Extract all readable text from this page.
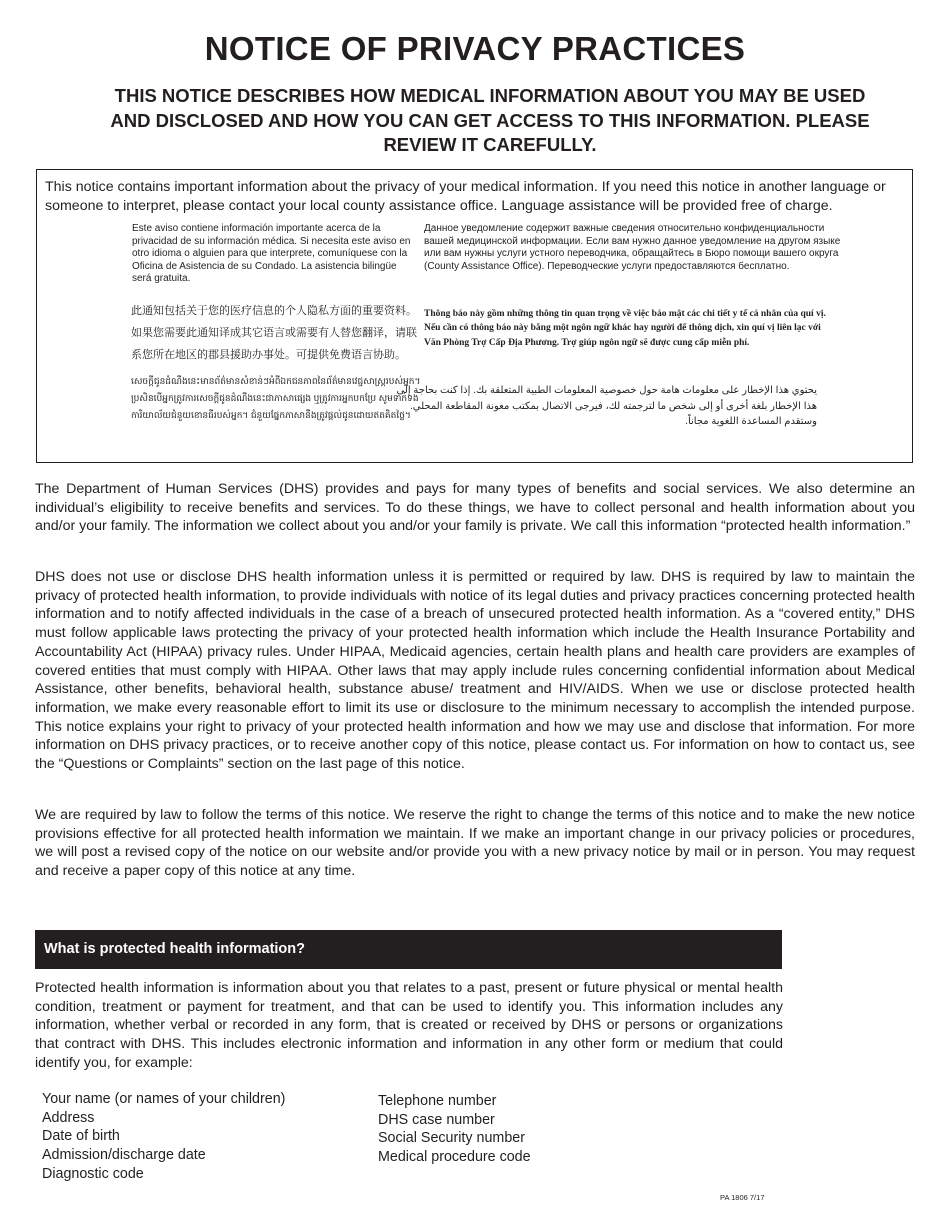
NOTICE OF PRIVACY PRACTICES
THIS NOTICE DESCRIBES HOW MEDICAL INFORMATION ABOUT YOU MAY BE USED AND DISCLOSED AND HOW YOU CAN GET ACCESS TO THIS INFORMATION. PLEASE REVIEW IT CAREFULLY.

This notice contains important information about the privacy of your medical information. If you need this notice in another language or someone to interpret, please contact your local county assistance office. Language assistance will be provided free of charge.

Este aviso contiene información importante acerca de la privacidad de su información médica. Si necesita este aviso en otro idioma o alguien para que interprete, comuníquese con la Oficina de Asistencia de su Condado. La asistencia bilingüe será gratuita.

Данное уведомление содержит важные сведения относительно конфиденциальности вашей медицинской информации. Если вам нужно данное уведомление на другом языке или вам нужны услуги устного переводчика, обращайтесь в Бюро помощи вашего округа (County Assistance Office). Переводческие услуги предоставляются бесплатно.

此通知包括关于您的医疗信息的个人隐私方面的重要资料。如果您需要此通知译成其它语言或需要有人替您翻译，请联系您所在地区的郡县援助办事处。可提供免费语言协助。

Thông báo này gồm những thông tin quan trọng về việc bảo mật các chi tiết y tế cá nhân của quí vị. Nếu cần có thông báo này bằng một ngôn ngữ khác hay người để thông dịch, xin quí vị liên lạc với Văn Phòng Trợ Cấp Địa Phương. Trợ giúp ngôn ngữ sẽ được cung cấp miễn phí.

សេចក្តីជូនដំណឹងនេះមានព័ត៌មានសំខាន់ៗអំពីឯកជនភាពនៃព័ត៌មានវេជ្ជសាស្ត្ររបស់អ្នក។ ប្រសិនបើអ្នកត្រូវការសេចក្តីជូនដំណឹងនេះជាភាសាផ្សេង ឬត្រូវការអ្នកបកប្រែ សូមទាក់ទងការិយាល័យជំនួយខោនធីរបស់អ្នក។ ជំនួយផ្នែកភាសានឹងត្រូវផ្តល់ជូនដោយឥតគិតថ្លៃ។

يحتوي هذا الإخطار على معلومات هامة حول خصوصية المعلومات الطبية المتعلقة بك. إذا كنت بحاجة إلى هذا الإخطار بلغة أخرى أو إلى شخص ما لترجمته لك، فيرجى الاتصال بمكتب معونة المقاطعة المحلي. وستقدم المساعدة اللغوية مجاناً.

The Department of Human Services (DHS) provides and pays for many types of benefits and social services. We also determine an individual’s eligibility to receive benefits and services. To do these things, we have to collect personal and health information about you and/or your family. The information we collect about you and/or your family is private. We call this information “protected health information.”

DHS does not use or disclose DHS health information unless it is permitted or required by law. DHS is required by law to maintain the privacy of protected health information, to provide individuals with notice of its legal duties and privacy practices concerning protected health information and to notify affected individuals in the case of a breach of unsecured protected health information. As a “covered entity,” DHS must follow applicable laws protecting the privacy of your protected health information which include the Health Insurance Portability and Accountability Act (HIPAA) privacy rules. Under HIPAA, Medicaid agencies, certain health plans and health care providers are examples of covered entities that must comply with HIPAA. Other laws that may apply include rules concerning confidential information about Medical Assistance, other benefits, behavioral health, substance abuse/ treatment and HIV/AIDS. When we use or disclose protected health information, we make every reasonable effort to limit its use or disclosure to the minimum necessary to accomplish the intended purpose. This notice explains your right to privacy of your protected health information and how we may use and disclose that information. For more information on DHS privacy practices, or to receive another copy of this notice, please contact us. For information on how to contact us, see the “Questions or Complaints” section on the last page of this notice.

We are required by law to follow the terms of this notice. We reserve the right to change the terms of this notice and to make the new notice provisions effective for all protected health information we maintain. If we make an important change in our privacy policies or procedures, we will post a revised copy of the notice on our website and/or provide you with a new privacy notice by mail or in person. You may request and receive a paper copy of this notice at any time.

What is protected health information?

Protected health information is information about you that relates to a past, present or future physical or mental health condition, treatment or payment for treatment, and that can be used to identify you. This information includes any information, whether verbal or recorded in any form, that is created or received by DHS or persons or organizations that contract with DHS. This includes electronic information and information in any other form or medium that could identify you, for example:

Your name (or names of your children)
Address
Date of birth
Admission/discharge date
Diagnostic code
Telephone number
DHS case number
Social Security number
Medical procedure code
PA 1806 7/17
